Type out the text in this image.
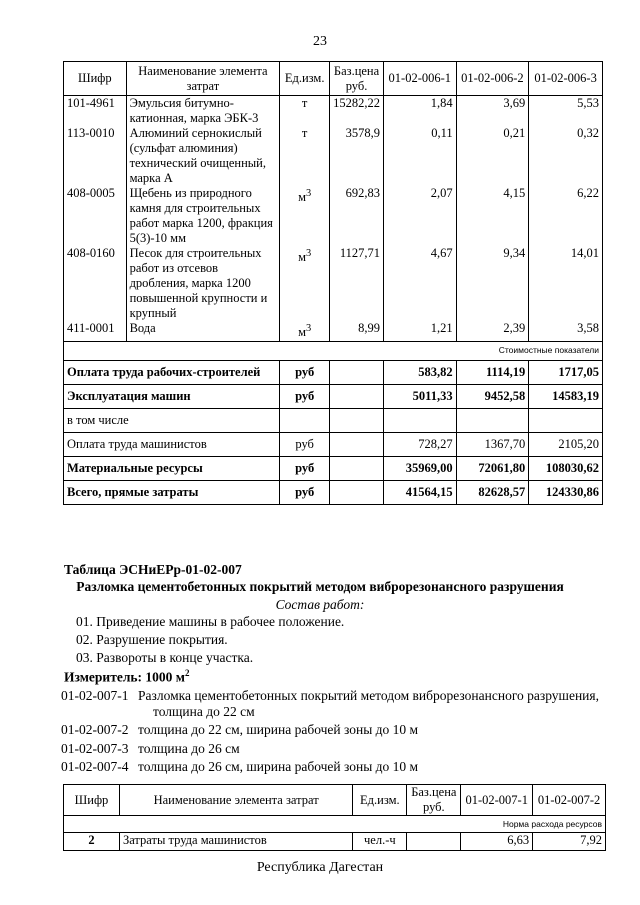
23
Шифр	Наименование элемента затрат	Ед.изм.	Баз.цена руб.	01-02-006-1	01-02-006-2	01-02-006-3
101-4961	Эмульсия битумно-катионная, марка ЭБК-3	т	15282,22	1,84	3,69	5,53
113-0010	Алюминий сернокислый (сульфат алюминия) технический очищенный, марка А	т	3578,9	0,11	0,21	0,32
408-0005	Щебень из природного камня для строительных работ марка 1200, фракция 5(3)-10 мм	$м^3$	692,83	2,07	4,15	6,22
408-0160	Песок для строительных работ из отсевов дробления, марка 1200 повышенной крупности и крупный	$м^3$	1127,71	4,67	9,34	14,01
411-0001	Вода	$м^3$	8,99	1,21	2,39	3,58
Стоимостные показатели						
Оплата труда рабочих-строителей		руб		583,82	1114,19	1717,05
Эксплуатация машин		руб		5011,33	9452,58	14583,19
в том числе						
Оплата труда машинистов		руб		728,27	1367,70	2105,20
Материальные ресурсы		руб		35969,00	72061,80	108030,62
Всего, прямые затраты		руб		41564,15	82628,57	124330,86
Таблица ЭСНиЕРр-01-02-007
Разломка цементобетонных покрытий методом виброрезонансного разрушения
Состав работ:
01. Приведение машины в рабочее положение.
02. Разрушение покрытия.
03. Развороты в конце участка.
Измеритель: 1000 $м^2$
01-02-007-1 Разломка цементобетонных покрытий методом виброрезонансного разрушения,
толщина до 22 см
01-02-007-2 толщина до 22 см, ширина рабочей зоны до 10 м
01-02-007-3 толщина до 26 см
01-02-007-4 толщина до 26 см, ширина рабочей зоны до 10 м
Шифр	Наименование элемента затрат	Ед.изм.	Баз.цена руб.	01-02-007-1	01-02-007-2
Норма расхода ресурсов					
2	Затраты труда машинистов	чел.-ч		6,63	7,92
Республика Дагестан
